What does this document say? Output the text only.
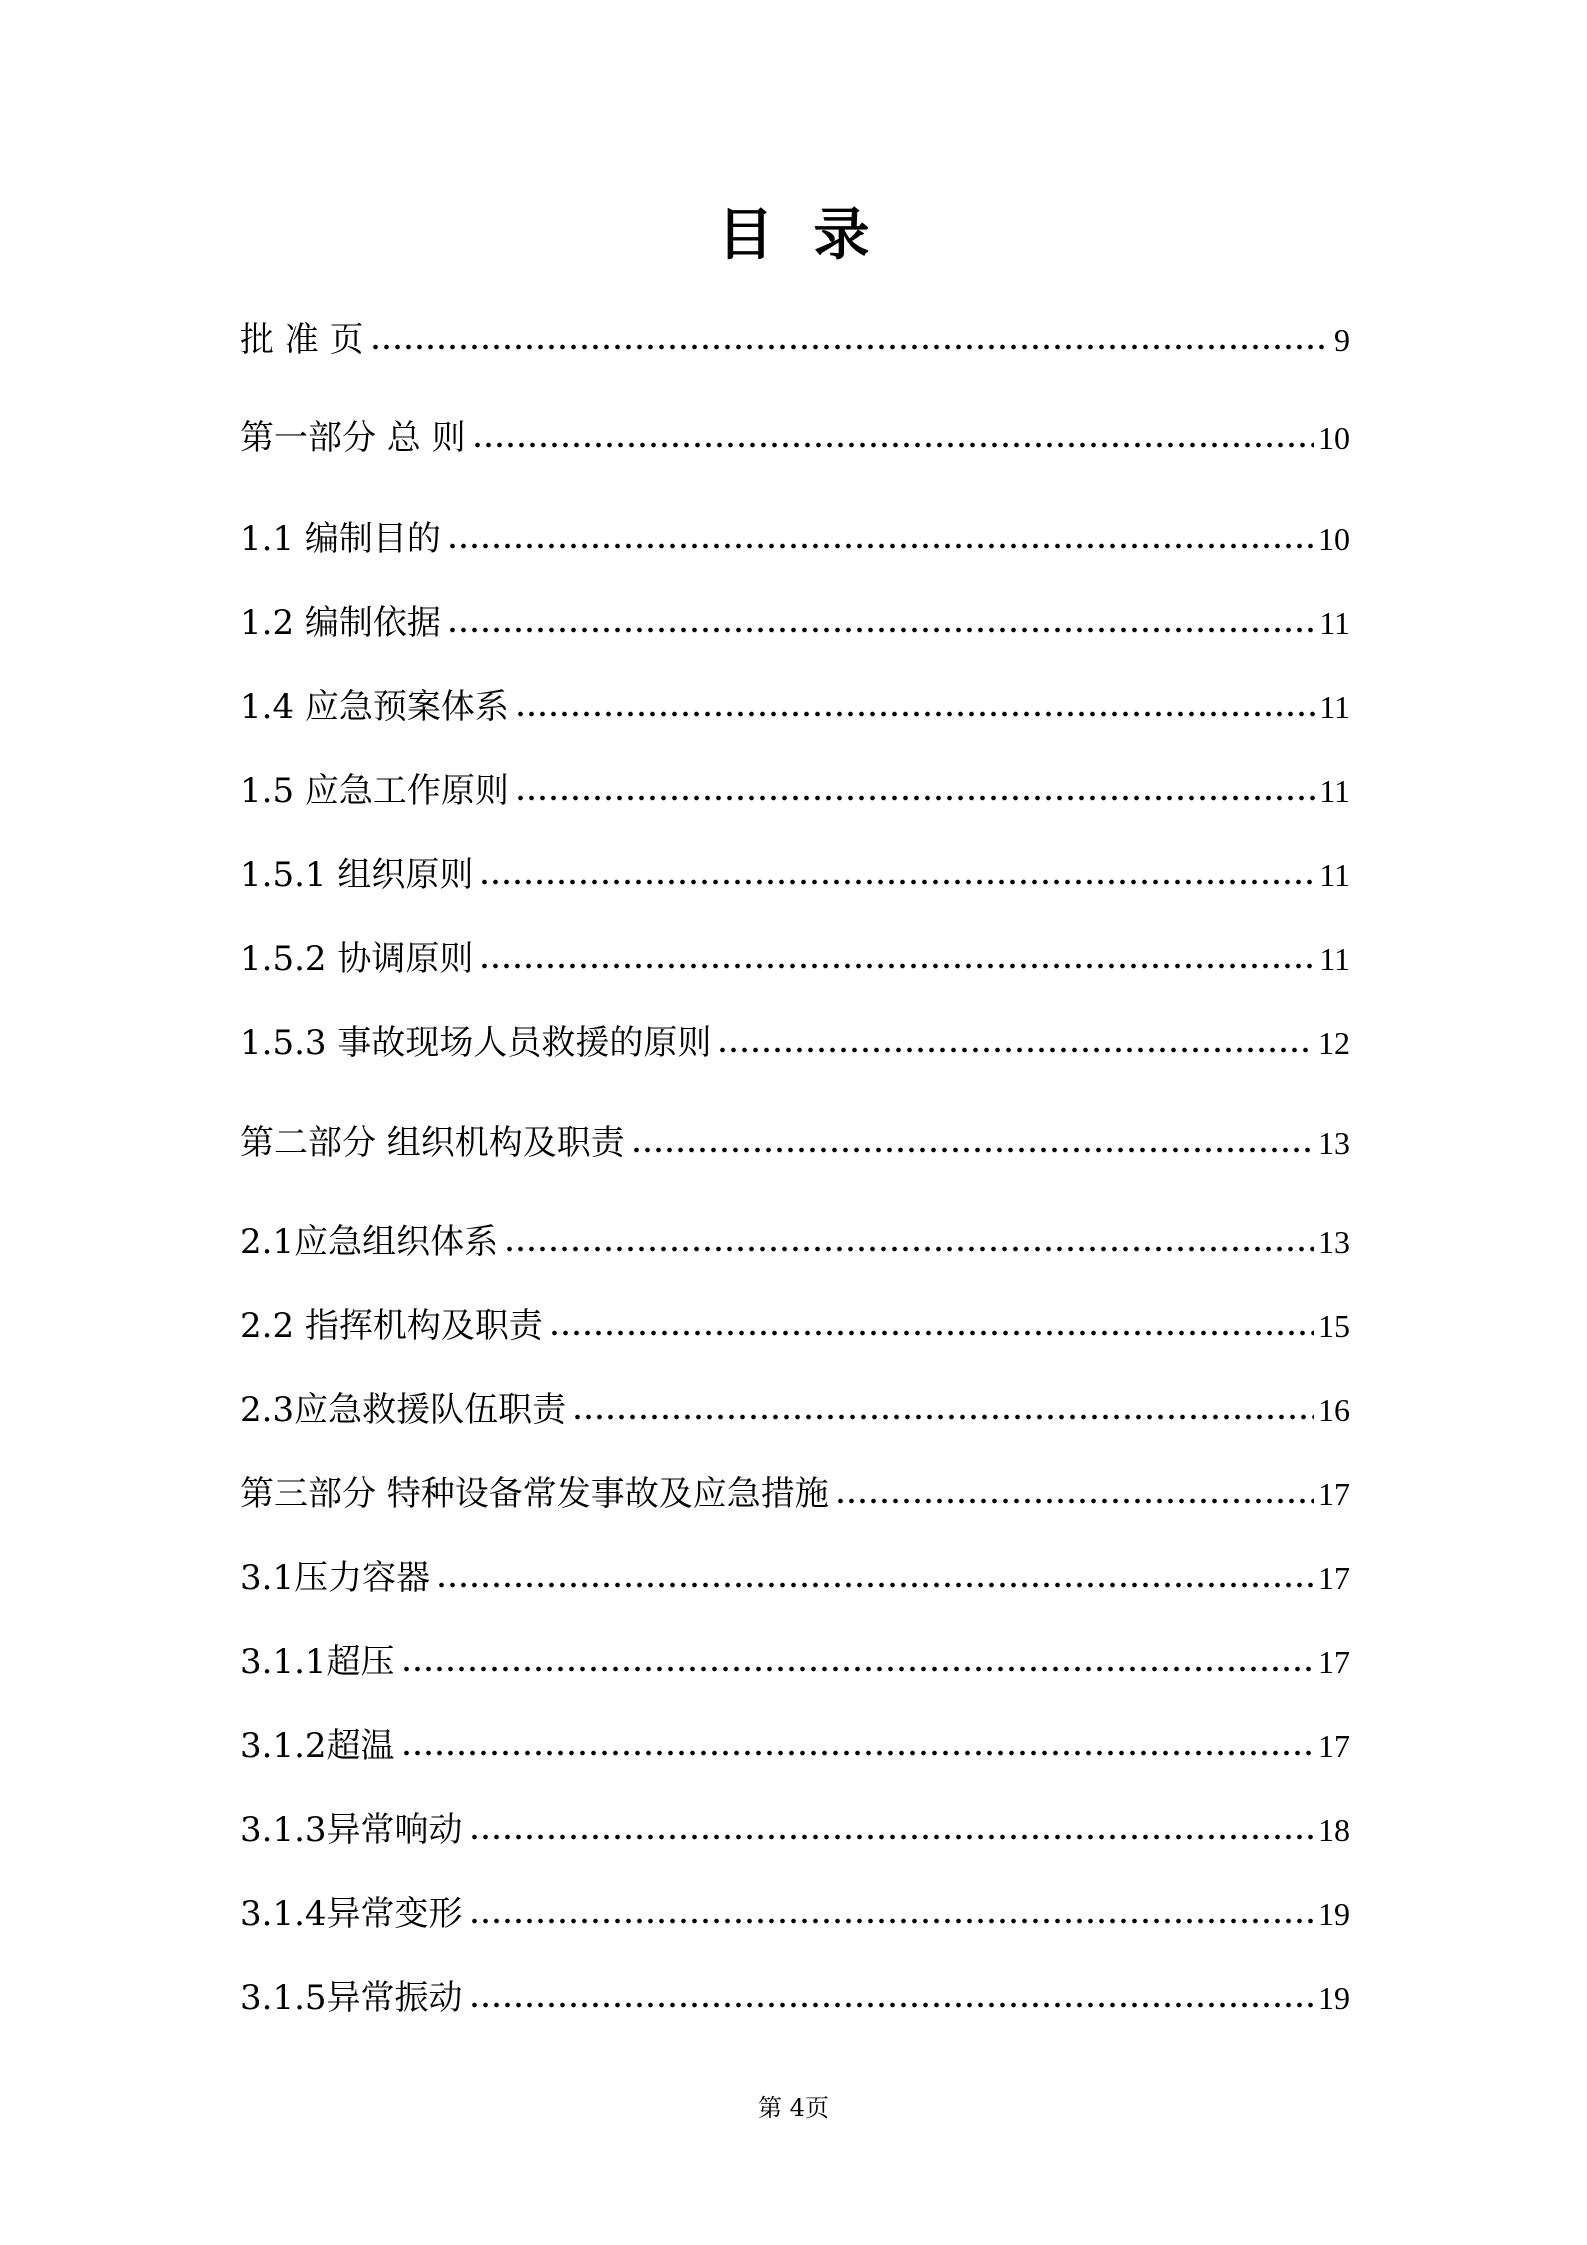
目录
批 准 页	9
第一部分 总 则	10
1.1 编制目的	10
1.2 编制依据	11
1.4 应急预案体系	11
1.5 应急工作原则	11
1.5.1 组织原则	11
1.5.2 协调原则	11
1.5.3 事故现场人员救援的原则	12
第二部分 组织机构及职责	13
2.1应急组织体系	13
2.2 指挥机构及职责	15
2.3应急救援队伍职责	16
第三部分 特种设备常发事故及应急措施	17
3.1压力容器	17
3.1.1超压	17
3.1.2超温	17
3.1.3异常响动	18
3.1.4异常变形	19
3.1.5异常振动	19
第 4页
